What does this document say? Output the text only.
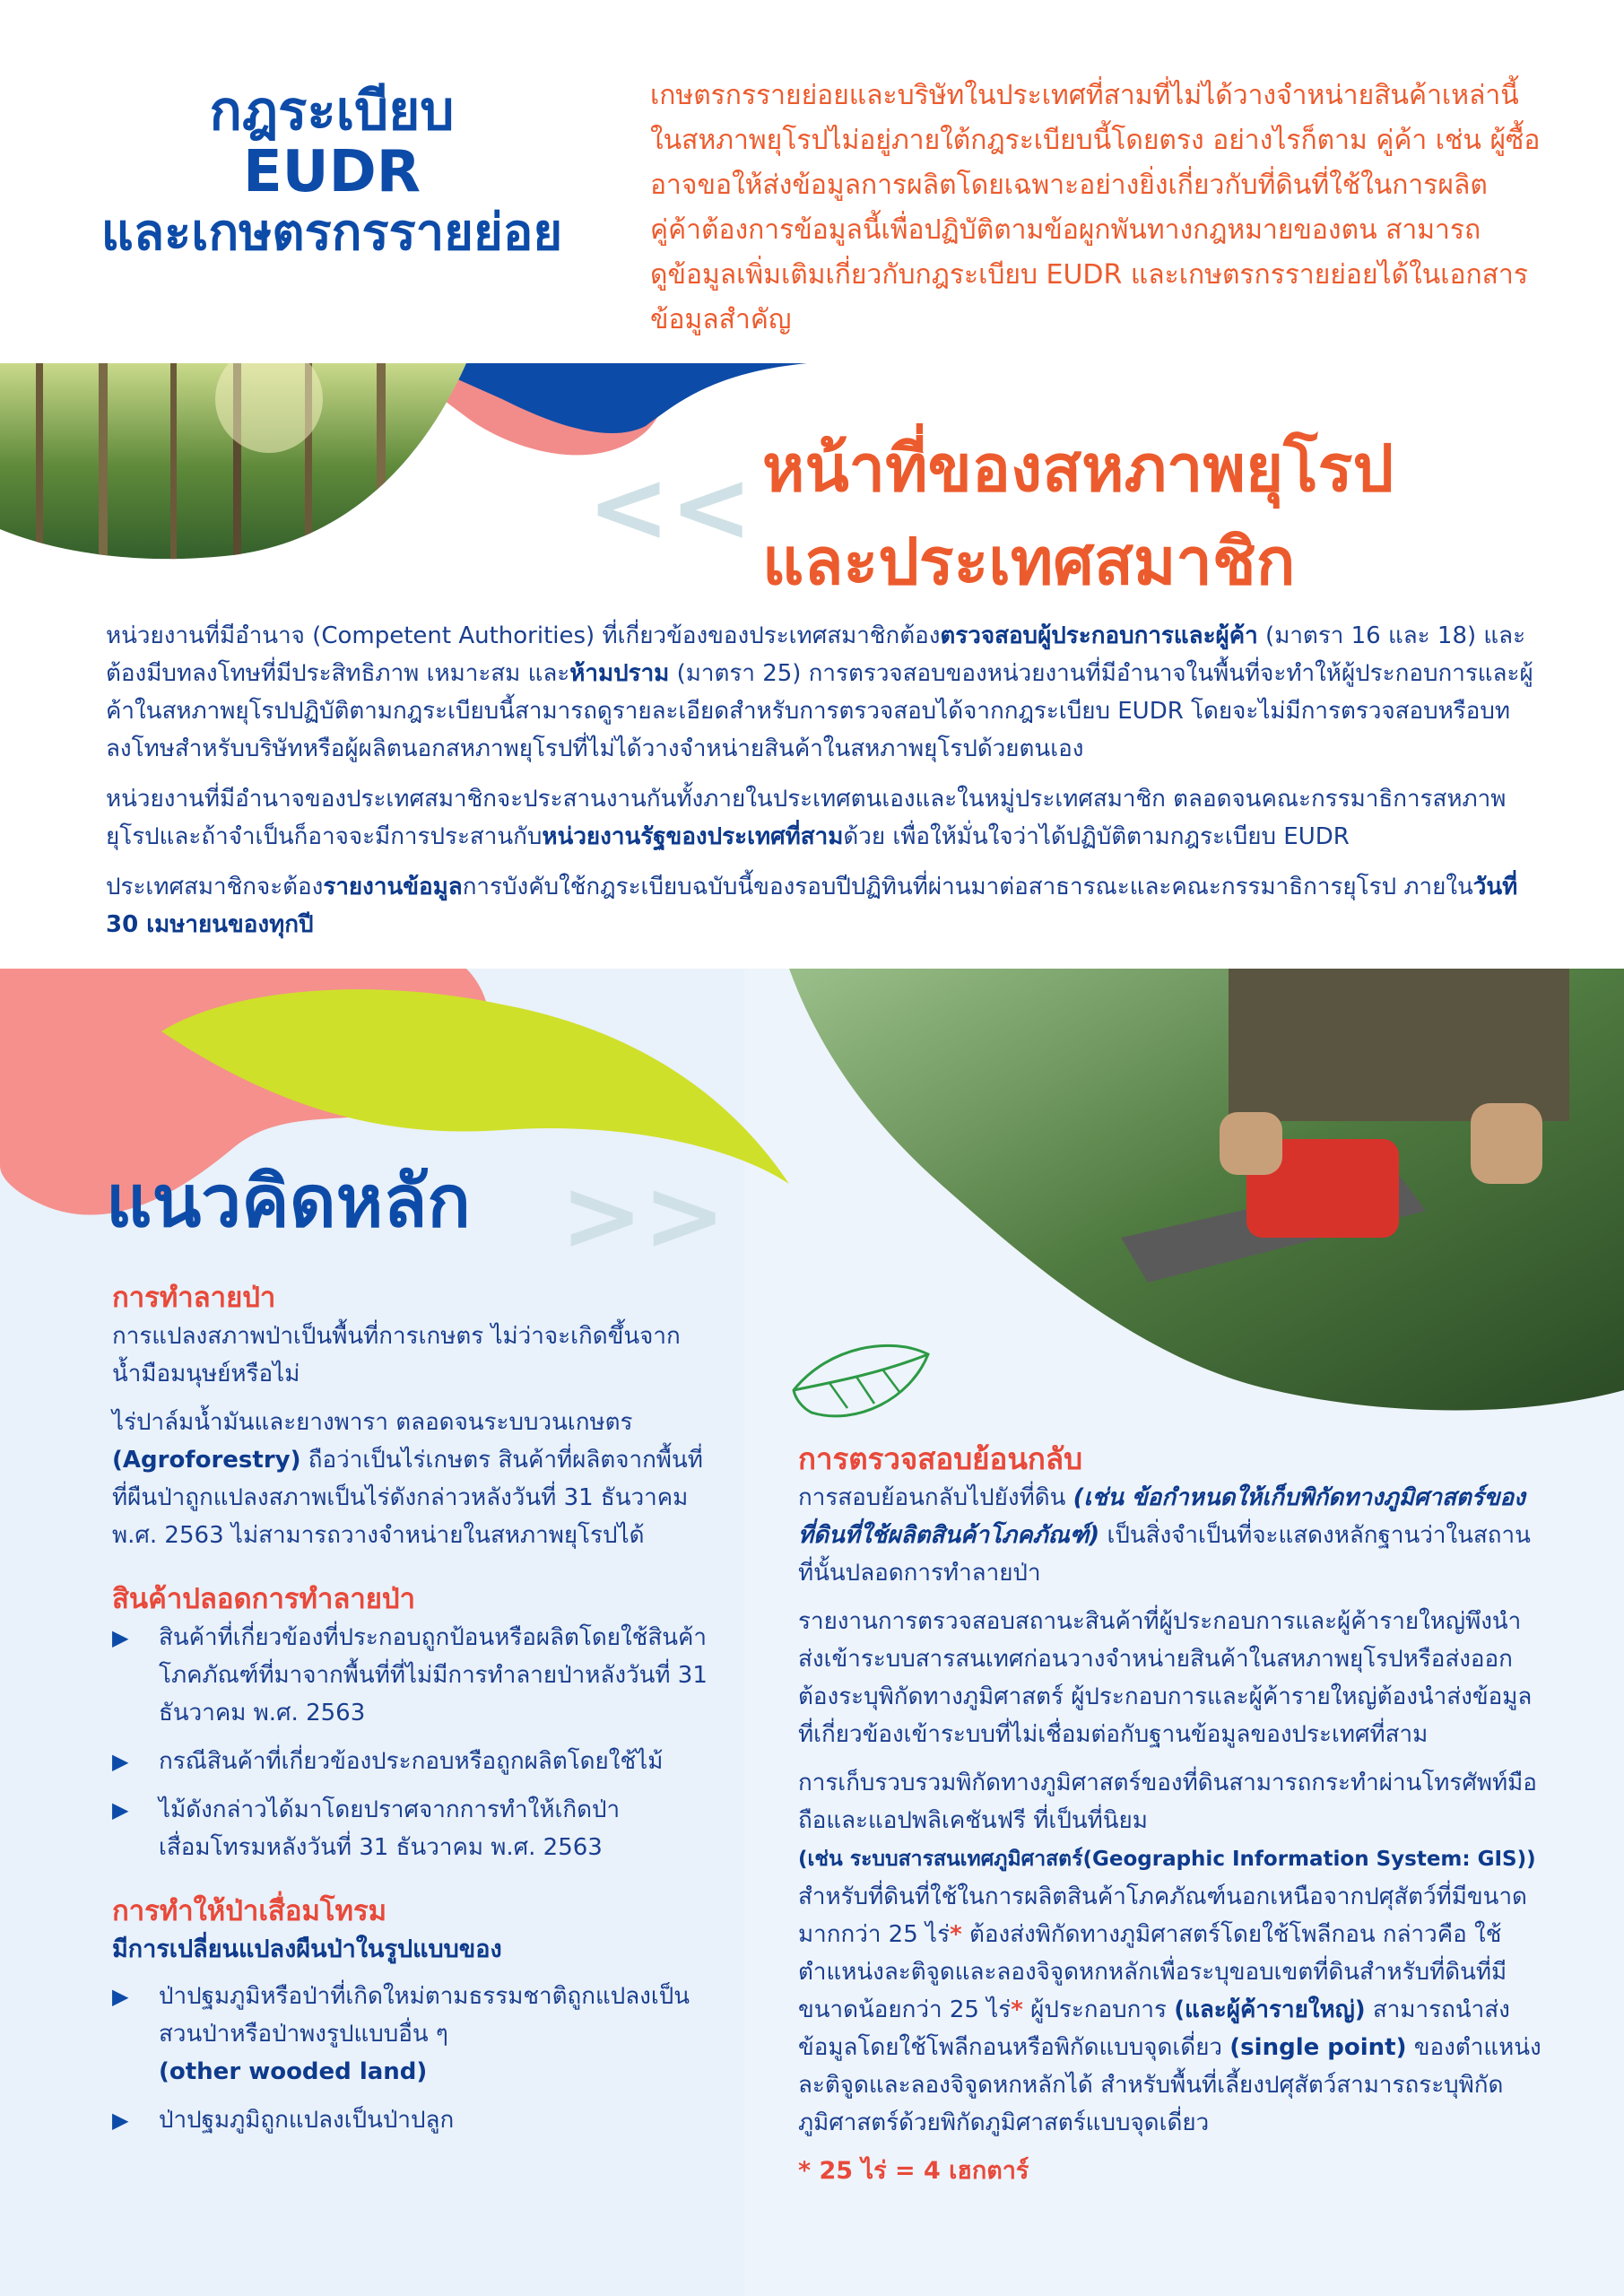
กฎระเบียบ
EUDR
และเกษตรกรรายย่อย
เกษตรกรรายย่อยและบริษัทในประเทศที่สามที่ไม่ได้วางจำหน่ายสินค้าเหล่านี้
ในสหภาพยุโรปไม่อยู่ภายใต้กฎระเบียบนี้โดยตรง อย่างไรก็ตาม คู่ค้า เช่น ผู้ซื้อ
อาจขอให้ส่งข้อมูลการผลิตโดยเฉพาะอย่างยิ่งเกี่ยวกับที่ดินที่ใช้ในการผลิต
คู่ค้าต้องการข้อมูลนี้เพื่อปฏิบัติตามข้อผูกพันทางกฎหมายของตน สามารถ
ดูข้อมูลเพิ่มเติมเกี่ยวกับกฎระเบียบ EUDR และเกษตรกรรายย่อยได้ในเอกสาร
ข้อมูลสำคัญ
<< หน้าที่ของสหภาพยุโรป
และประเทศสมาชิก

หน่วยงานที่มีอำนาจ (Competent Authorities) ที่เกี่ยวข้องของประเทศสมาชิกต้องตรวจสอบผู้ประกอบการและผู้ค้า (มาตรา 16 และ 18) และต้องมีบทลงโทษที่มีประสิทธิภาพ เหมาะสม และห้ามปราม (มาตรา 25) การตรวจสอบของหน่วยงานที่มีอำนาจในพื้นที่จะทำให้ผู้ประกอบการและผู้ค้าในสหภาพยุโรปปฏิบัติตามกฎระเบียบนี้สามารถดูรายละเอียดสำหรับการตรวจสอบได้จากกฎระเบียบ EUDR โดยจะไม่มีการตรวจสอบหรือบทลงโทษสำหรับบริษัทหรือผู้ผลิตนอกสหภาพยุโรปที่ไม่ได้วางจำหน่ายสินค้าในสหภาพยุโรปด้วยตนเอง

หน่วยงานที่มีอำนาจของประเทศสมาชิกจะประสานงานกันทั้งภายในประเทศตนเองและในหมู่ประเทศสมาชิก ตลอดจนคณะกรรมาธิการสหภาพยุโรปและถ้าจำเป็นก็อาจจะมีการประสานกับหน่วยงานรัฐของประเทศที่สามด้วย เพื่อให้มั่นใจว่าได้ปฏิบัติตามกฎระเบียบ EUDR

ประเทศสมาชิกจะต้องรายงานข้อมูลการบังคับใช้กฎระเบียบฉบับนี้ของรอบปีปฏิทินที่ผ่านมาต่อสาธารณะและคณะกรรมาธิการยุโรป ภายในวันที่ 30 เมษายนของทุกปี

แนวคิดหลัก >>
การทำลายป่า

การแปลงสภาพป่าเป็นพื้นที่การเกษตร ไม่ว่าจะเกิดขึ้นจากน้ำมือมนุษย์หรือไม่

ไร่ปาล์มน้ำมันและยางพารา ตลอดจนระบบวนเกษตร (Agroforestry) ถือว่าเป็นไร่เกษตร สินค้าที่ผลิตจากพื้นที่ที่ผืนป่าถูกแปลงสภาพเป็นไร่ดังกล่าวหลังวันที่ 31 ธันวาคม พ.ศ. 2563 ไม่สามารถวางจำหน่ายในสหภาพยุโรปได้

สินค้าปลอดการทำลายป่า
▶	สินค้าที่เกี่ยวข้องที่ประกอบถูกป้อนหรือผลิตโดยใช้สินค้าโภคภัณฑ์ที่มาจากพื้นที่ที่ไม่มีการทำลายป่าหลังวันที่ 31 ธันวาคม พ.ศ. 2563
▶	กรณีสินค้าที่เกี่ยวข้องประกอบหรือถูกผลิตโดยใช้ไม้
▶	ไม้ดังกล่าวได้มาโดยปราศจากการทำให้เกิดป่าเสื่อมโทรมหลังวันที่ 31 ธันวาคม พ.ศ. 2563
การทำให้ป่าเสื่อมโทรม
มีการเปลี่ยนแปลงผืนป่าในรูปแบบของ
▶	ป่าปฐมภูมิหรือป่าที่เกิดใหม่ตามธรรมชาติถูกแปลงเป็นสวนป่าหรือป่าพงรูปแบบอื่น ๆ
(other wooded land)
▶	ป่าปฐมภูมิถูกแปลงเป็นป่าปลูก
การตรวจสอบย้อนกลับ

การสอบย้อนกลับไปยังที่ดิน (เช่น ข้อกำหนดให้เก็บพิกัดทางภูมิศาสตร์ของที่ดินที่ใช้ผลิตสินค้าโภคภัณฑ์) เป็นสิ่งจำเป็นที่จะแสดงหลักฐานว่าในสถานที่นั้นปลอดการทำลายป่า

รายงานการตรวจสอบสถานะสินค้าที่ผู้ประกอบการและผู้ค้ารายใหญ่พึงนำส่งเข้าระบบสารสนเทศก่อนวางจำหน่ายสินค้าในสหภาพยุโรปหรือส่งออก ต้องระบุพิกัดทางภูมิศาสตร์ ผู้ประกอบการและผู้ค้ารายใหญ่ต้องนำส่งข้อมูลที่เกี่ยวข้องเข้าระบบที่ไม่เชื่อมต่อกับฐานข้อมูลของประเทศที่สาม

การเก็บรวบรวมพิกัดทางภูมิศาสตร์ของที่ดินสามารถกระทำผ่านโทรศัพท์มือถือและแอปพลิเคชันฟรี ที่เป็นที่นิยม
(เช่น ระบบสารสนเทศภูมิศาสตร์(Geographic Information System: GIS)) สำหรับที่ดินที่ใช้ในการผลิตสินค้าโภคภัณฑ์นอกเหนือจากปศุสัตว์ที่มีขนาดมากกว่า 25 ไร่* ต้องส่งพิกัดทางภูมิศาสตร์โดยใช้โพลีกอน กล่าวคือ ใช้ตำแหน่งละติจูดและลองจิจูดหกหลักเพื่อระบุขอบเขตที่ดินสำหรับที่ดินที่มีขนาดน้อยกว่า 25 ไร่* ผู้ประกอบการ (และผู้ค้ารายใหญ่) สามารถนำส่งข้อมูลโดยใช้โพลีกอนหรือพิกัดแบบจุดเดี่ยว (single point) ของตำแหน่งละติจูดและลองจิจูดหกหลักได้ สำหรับพื้นที่เลี้ยงปศุสัตว์สามารถระบุพิกัดภูมิศาสตร์ด้วยพิกัดภูมิศาสตร์แบบจุดเดี่ยว

* 25 ไร่ = 4 เฮกตาร์
